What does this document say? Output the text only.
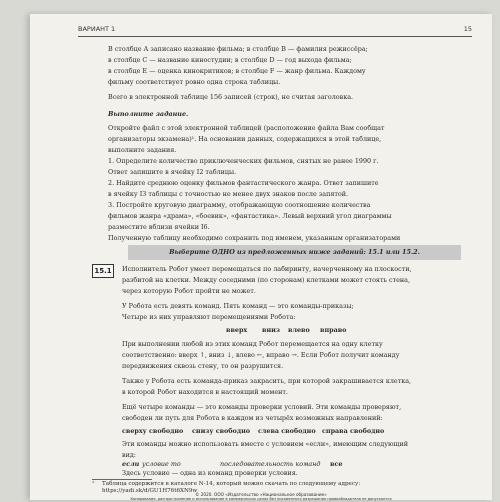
ВАРИАНТ 1	15
В столбце А записано название фильма; в столбце В — фамилия режиссёра;
в столбце С — название киностудии; в столбце D — год выхода фильма;
в столбце Е — оценка кинокритиков; в столбце F — жанр фильма. Каждому
фильму соответствует ровно одна строка таблицы.
Всего в электронной таблице 156 записей (строк), не считая заголовка.
Выполните задание.
Откройте файл с этой электронной таблицей (расположение файла Вам сообщат
организаторы экзамена)¹. На основании данных, содержащихся в этой таблице,
выполните задания.
1. Определите количество приключенческих фильмов, снятых не ранее 1990 г.
Ответ запишите в ячейку I2 таблицы.
2. Найдите среднюю оценку фильмов фантастического жанра. Ответ запишите
в ячейку I3 таблицы с точностью не менее двух знаков после запятой.
3. Постройте круговую диаграмму, отображающую соотношение количества
фильмов жанра «драма», «боевик», «фантастика». Левый верхний угол диаграммы
разместите вблизи ячейки I6.
Полученную таблицу необходимо сохранить под именем, указанным организаторами
Выберите ОДНО из предложенных ниже заданий: 15.1 или 15.2.
15.1	Исполнитель Робот умеет перемещаться по лабиринту, начерченному на плоскости,
разбитой на клетки. Между соседними (по сторонам) клетками может стоять стена,
через которую Робот пройти не может.
У Робота есть девять команд. Пять команд — это команды-приказы;
Четыре из них управляют перемещениями Робота:
вверх вниз влево вправо
При выполнении любой из этих команд Робот перемещается на одну клетку
соответственно: вверх ↑, вниз ↓, влево ←, вправо →. Если Робот получит команду
передвижения сквозь стену, то он разрушится.
Также у Робота есть команда-приказ закрасить, при которой закрашивается клетка,
в которой Робот находится в настоящий момент.
Ещё четыре команды — это команды проверки условий. Эти команды проверяют,
свободен ли путь для Робота в каждом из четырёх возможных направлений:
сверху свободно снизу свободно слева свободно справа свободно
Эти команды можно использовать вместе с условием «если», имеющим следующий
вид:
если условие то	последовательность команд все
Здесь условие — одна из команд проверки условия.
¹ Таблица содержится в каталоге N-14, который можно скачать по следующему адресу:
https://yadi.sk/d/GU1H76t6XN9w
© 2020. ООО «Издательство «Национальное образование»
Копирование, распространение и использование в коммерческих целях без письменного разрешения правообладателя не допускается
